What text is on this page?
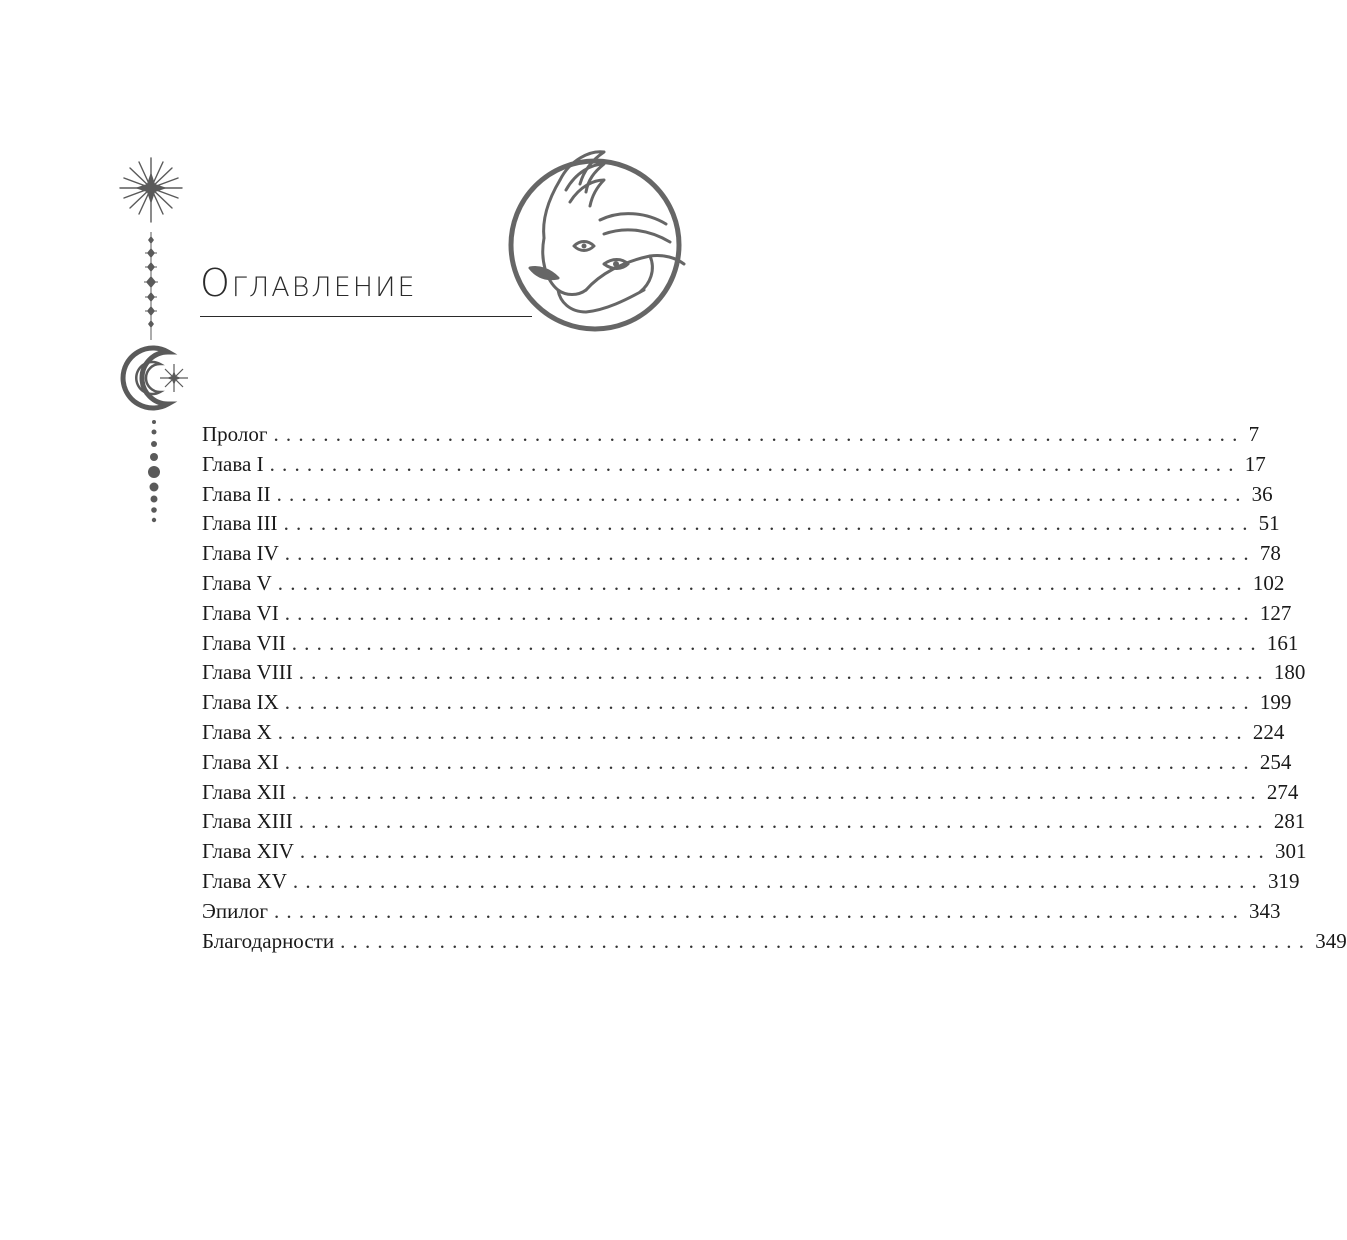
Оглавление
Пролог .............................................................................. 7
Глава I .............................................................................. 17
Глава II .............................................................................. 36
Глава III .............................................................................. 51
Глава IV .............................................................................. 78
Глава V .............................................................................. 102
Глава VI .............................................................................. 127
Глава VII .............................................................................. 161
Глава VIII .............................................................................. 180
Глава IX .............................................................................. 199
Глава X .............................................................................. 224
Глава XI .............................................................................. 254
Глава XII .............................................................................. 274
Глава XIII .............................................................................. 281
Глава XIV .............................................................................. 301
Глава XV .............................................................................. 319
Эпилог .............................................................................. 343
Благодарности .............................................................................. 349
